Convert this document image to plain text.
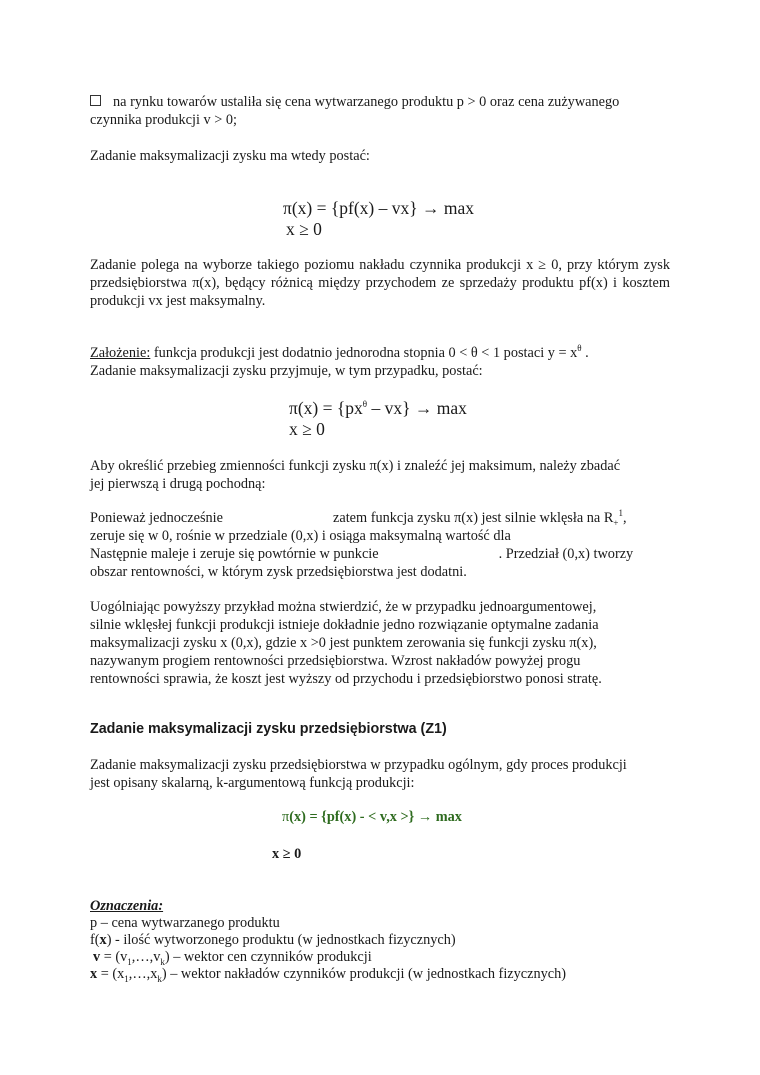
na rynku towarów ustaliła się cena wytwarzanego produktu p > 0 oraz cena zużywanego
czynnika produkcji v > 0;
Zadanie maksymalizacji zysku ma wtedy postać:
π(x) = {pf(x) – vx} → max
x ≥ 0
Zadanie polega na wyborze takiego poziomu nakładu czynnika produkcji x ≥ 0, przy którym zysk przedsiębiorstwa π(x), będący różnicą między przychodem ze sprzedaży produktu pf(x) i kosztem produkcji vx jest maksymalny.
Założenie: funkcja produkcji jest dodatnio jednorodna stopnia 0 < θ < 1 postaci $y = x^\theta$ .
Zadanie maksymalizacji zysku przyjmuje, w tym przypadku, postać:
$\pi(x) = \{px^\theta - vx\} \to \max$
x ≥ 0
Aby określić przebieg zmienności funkcji zysku π(x) i znaleźć jej maksimum, należy zbadać
jej pierwszą i drugą pochodną:
Ponieważ jednocześnie	zatem funkcja zysku π(x) jest silnie wklęsła na $R_+^1$,
zeruje się w 0, rośnie w przedziale (0,x) i osiąga maksymalną wartość dla
Następnie maleje i zeruje się powtórnie w punkcie	. Przedział (0,x) tworzy
obszar rentowności, w którym zysk przedsiębiorstwa jest dodatni.
Uogólniając powyższy przykład można stwierdzić, że w przypadku jednoargumentowej,
silnie wklęsłej funkcji produkcji istnieje dokładnie jedno rozwiązanie optymalne zadania
maksymalizacji zysku x (0,x), gdzie x >0 jest punktem zerowania się funkcji zysku π(x),
nazywanym progiem rentowności przedsiębiorstwa. Wzrost nakładów powyżej progu
rentowności sprawia, że koszt jest wyższy od przychodu i przedsiębiorstwo ponosi stratę.
Zadanie maksymalizacji zysku przedsiębiorstwa (Z1)
Zadanie maksymalizacji zysku przedsiębiorstwa w przypadku ogólnym, gdy proces produkcji
jest opisany skalarną, k-argumentową funkcją produkcji:
π(x) = {pf(x) - < v,x >} → max
x ≥ 0
Oznaczenia:
p – cena wytwarzanego produktu
f(x) - ilość wytworzonego produktu (w jednostkach fizycznych)
$v = (v_1,\dots,v_k)$ – wektor cen czynników produkcji
$x = (x_1,\dots,x_k)$ – wektor nakładów czynników produkcji (w jednostkach fizycznych)
